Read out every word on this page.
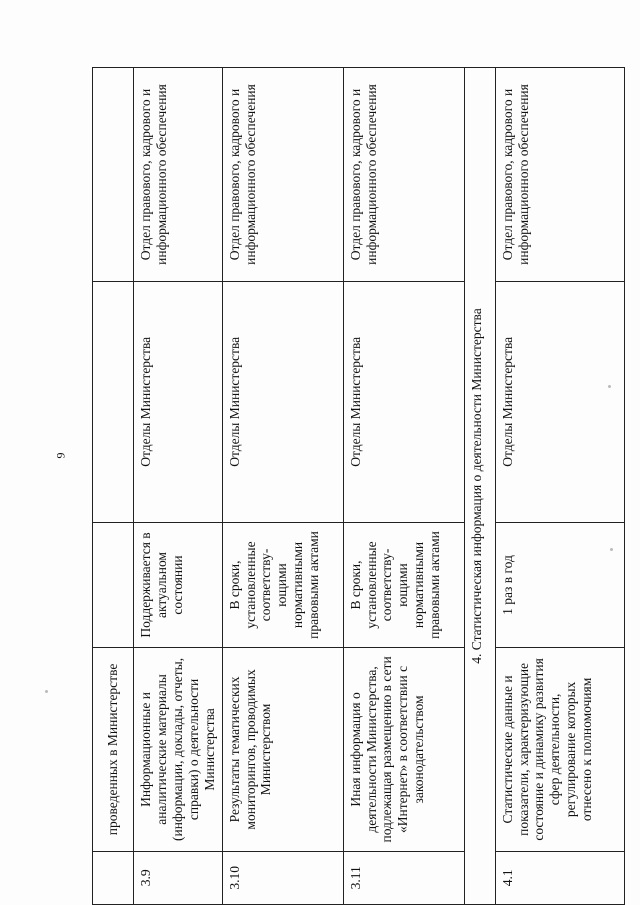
9
	проведенных в Министерстве			
3.9	Информационные и аналитические материалы (информации, доклады, отчеты, справки) о деятельности Министерства	Поддерживается в актуальном состоянии	Отделы Министерства	Отдел правового, кадрового и информационного обеспечения
3.10	Результаты тематических мониторингов, проводимых Министерством	В сроки, установленные соответству-ющими нормативными правовыми актами	Отделы Министерства	Отдел правового, кадрового и информационного обеспечения
3.11	Иная информация о деятельности Министерства, подлежащая размещению в сети «Интернет» в соответствии с законодательством	В сроки, установленные соответству-ющими нормативными правовыми актами	Отделы Министерства	Отдел правового, кадрового и информационного обеспечения
4. Статистическая информация о деятельности Министерства				
4.1	Статистические данные и показатели, характеризующие состояние и динамику развития сфер деятельности, регулирование которых отнесено к полномочиям	1 раз в год	Отделы Министерства	Отдел правового, кадрового и информационного обеспечения
